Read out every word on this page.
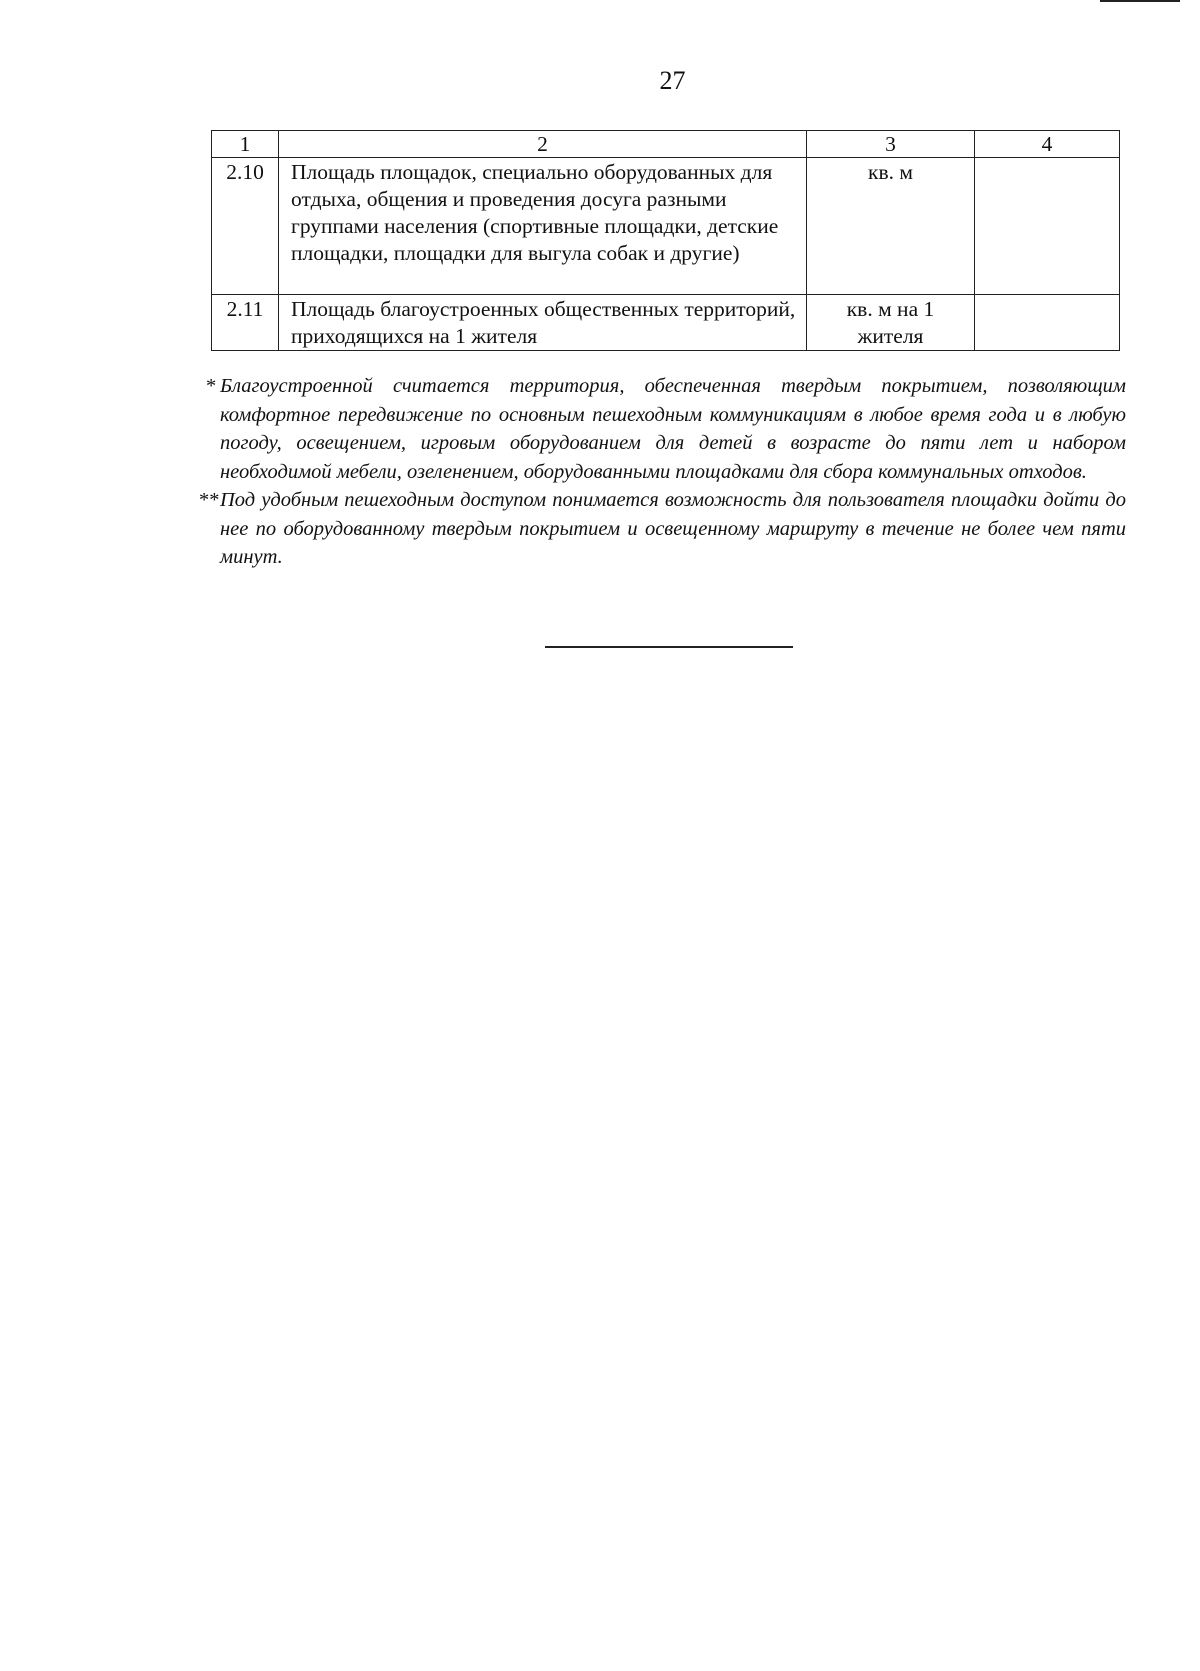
27
1	2	3	4
2.10	Площадь площадок, специально оборудованных для отдыха, общения и проведения досуга разными группами населения (спортивные площадки, детские площадки, площадки для выгула собак и другие)	кв. м	
2.11	Площадь благоустроенных общественных территорий, приходящихся на 1 жителя	кв. м на 1 жителя	

* Благоустроенной считается территория, обеспеченная твердым покрытием, позволяющим комфортное передвижение по основным пешеходным коммуникациям в любое время года и в любую погоду, освещением, игровым оборудованием для детей в возрасте до пяти лет и набором необходимой мебели, озеленением, оборудованными площадками для сбора коммунальных отходов.

** Под удобным пешеходным доступом понимается возможность для пользователя площадки дойти до нее по оборудованному твердым покрытием и освещенному маршруту в течение не более чем пяти минут.
